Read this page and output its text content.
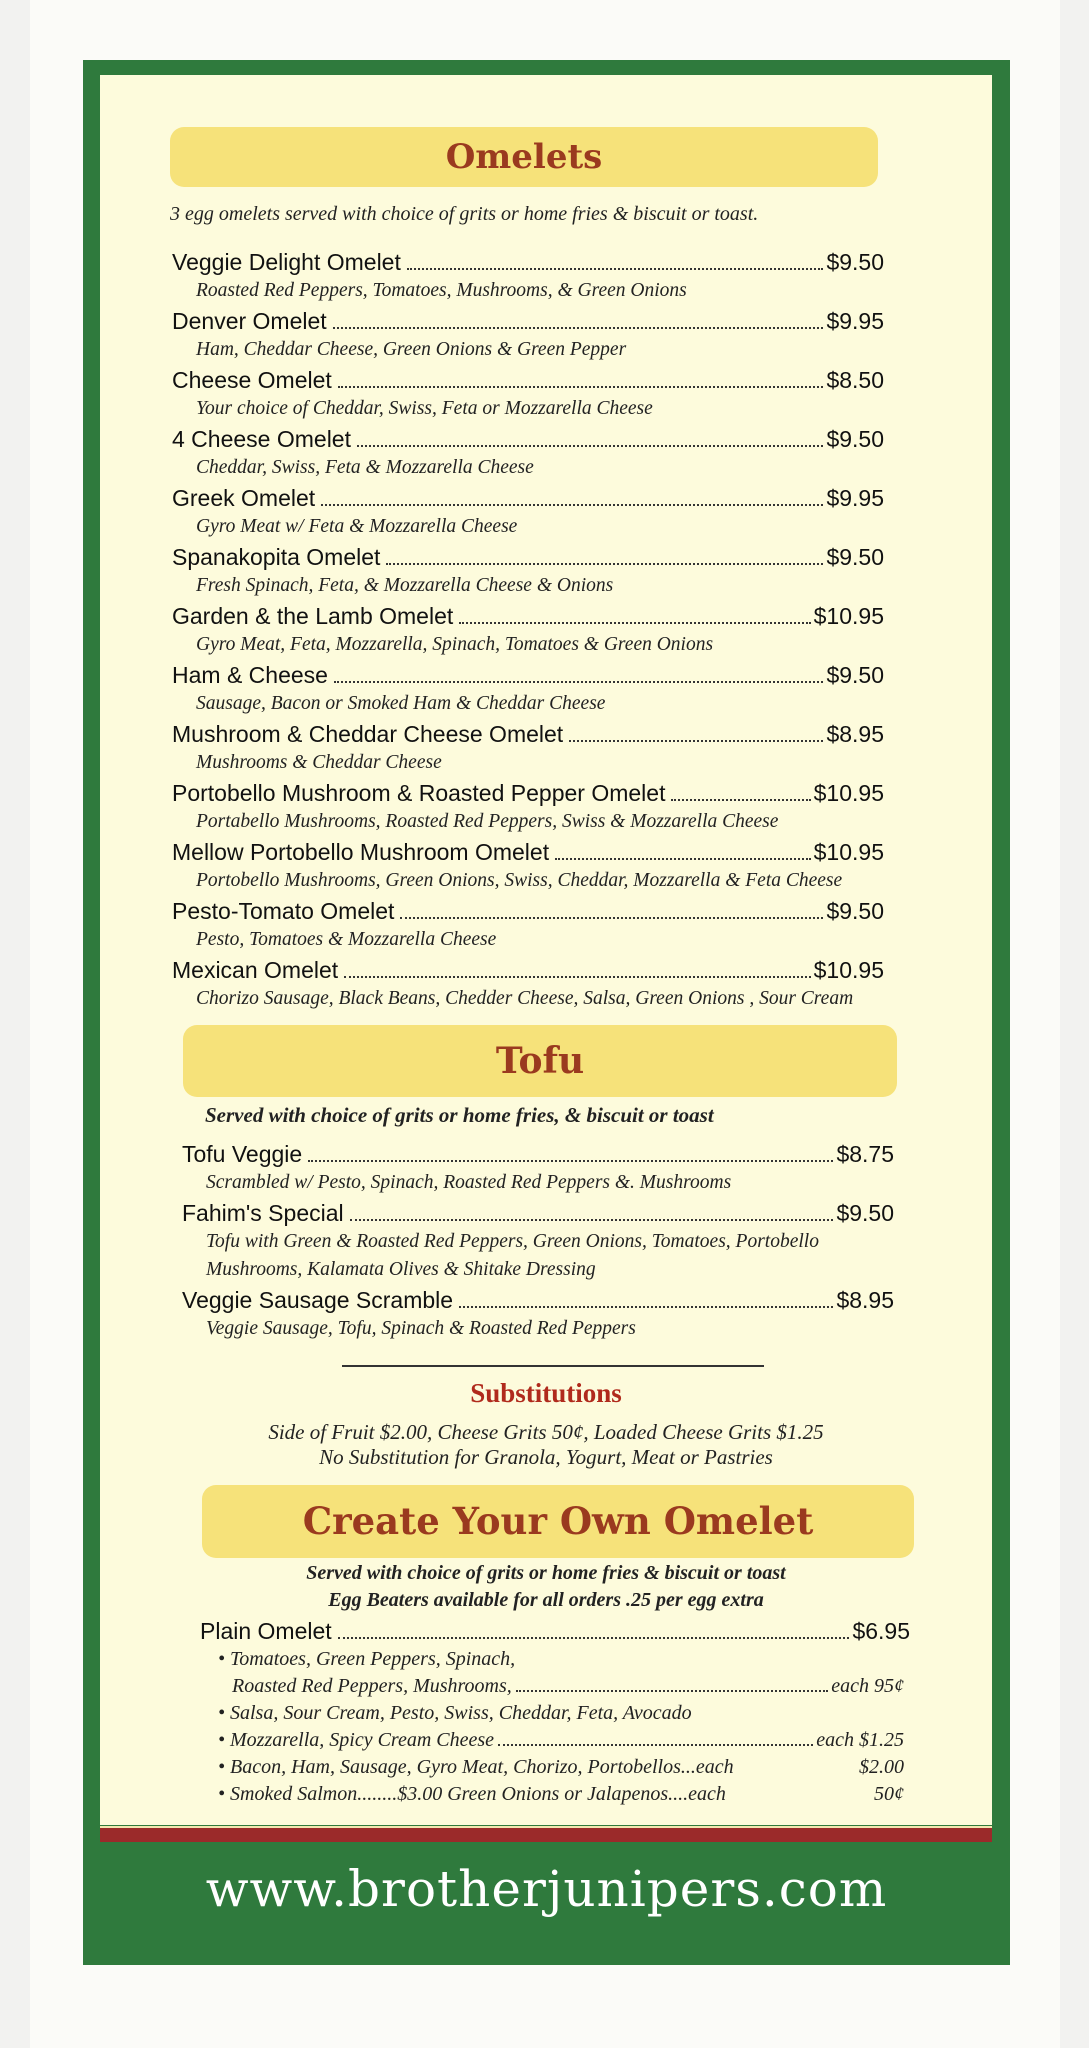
Omelets
3 egg omelets served with choice of grits or home fries & biscuit or toast.
Tofu
Served with choice of grits or home fries, & biscuit or toast
Substitutions
Side of Fruit $2.00, Cheese Grits 50¢, Loaded Cheese Grits $1.25
No Substitution for Granola, Yogurt, Meat or Pastries
Create Your Own Omelet
Served with choice of grits or home fries & biscuit or toast
Egg Beaters available for all orders .25 per egg extra
Veggie Delight Omelet	$9.50
Roasted Red Peppers, Tomatoes, Mushrooms, & Green Onions
Denver Omelet	$9.95
Ham, Cheddar Cheese, Green Onions & Green Pepper
Cheese Omelet	$8.50
Your choice of Cheddar, Swiss, Feta or Mozzarella Cheese
4 Cheese Omelet	$9.50
Cheddar, Swiss, Feta & Mozzarella Cheese
Greek Omelet	$9.95
Gyro Meat w/ Feta & Mozzarella Cheese
Spanakopita Omelet	$9.50
Fresh Spinach, Feta, & Mozzarella Cheese & Onions
Garden & the Lamb Omelet	$10.95
Gyro Meat, Feta, Mozzarella, Spinach, Tomatoes & Green Onions
Ham & Cheese	$9.50
Sausage, Bacon or Smoked Ham & Cheddar Cheese
Mushroom & Cheddar Cheese Omelet	$8.95
Mushrooms & Cheddar Cheese
Portobello Mushroom & Roasted Pepper Omelet	$10.95
Portabello Mushrooms, Roasted Red Peppers, Swiss & Mozzarella Cheese
Mellow Portobello Mushroom Omelet	$10.95
Portobello Mushrooms, Green Onions, Swiss, Cheddar, Mozzarella & Feta Cheese
Pesto-Tomato Omelet	$9.50
Pesto, Tomatoes & Mozzarella Cheese
Mexican Omelet	$10.95
Chorizo Sausage, Black Beans, Chedder Cheese, Salsa, Green Onions , Sour Cream
Tofu Veggie	$8.75
Scrambled w/ Pesto, Spinach, Roasted Red Peppers &. Mushrooms
Fahim's Special	$9.50
Tofu with Green & Roasted Red Peppers, Green Onions, Tomatoes, Portobello Mushrooms, Kalamata Olives & Shitake Dressing
Veggie Sausage Scramble	$8.95
Veggie Sausage, Tofu, Spinach & Roasted Red Peppers
Plain Omelet	$6.95
• Tomatoes, Green Peppers, Spinach,
Roasted Red Peppers, Mushrooms,	each 95¢
• Salsa, Sour Cream, Pesto, Swiss, Cheddar, Feta, Avocado
• Mozzarella, Spicy Cream Cheese	each $1.25
• Bacon, Ham, Sausage, Gyro Meat, Chorizo, Portobellos...each	$2.00
• Smoked Salmon........$3.00 Green Onions or Jalapenos....each	50¢
www.brotherjunipers.com
